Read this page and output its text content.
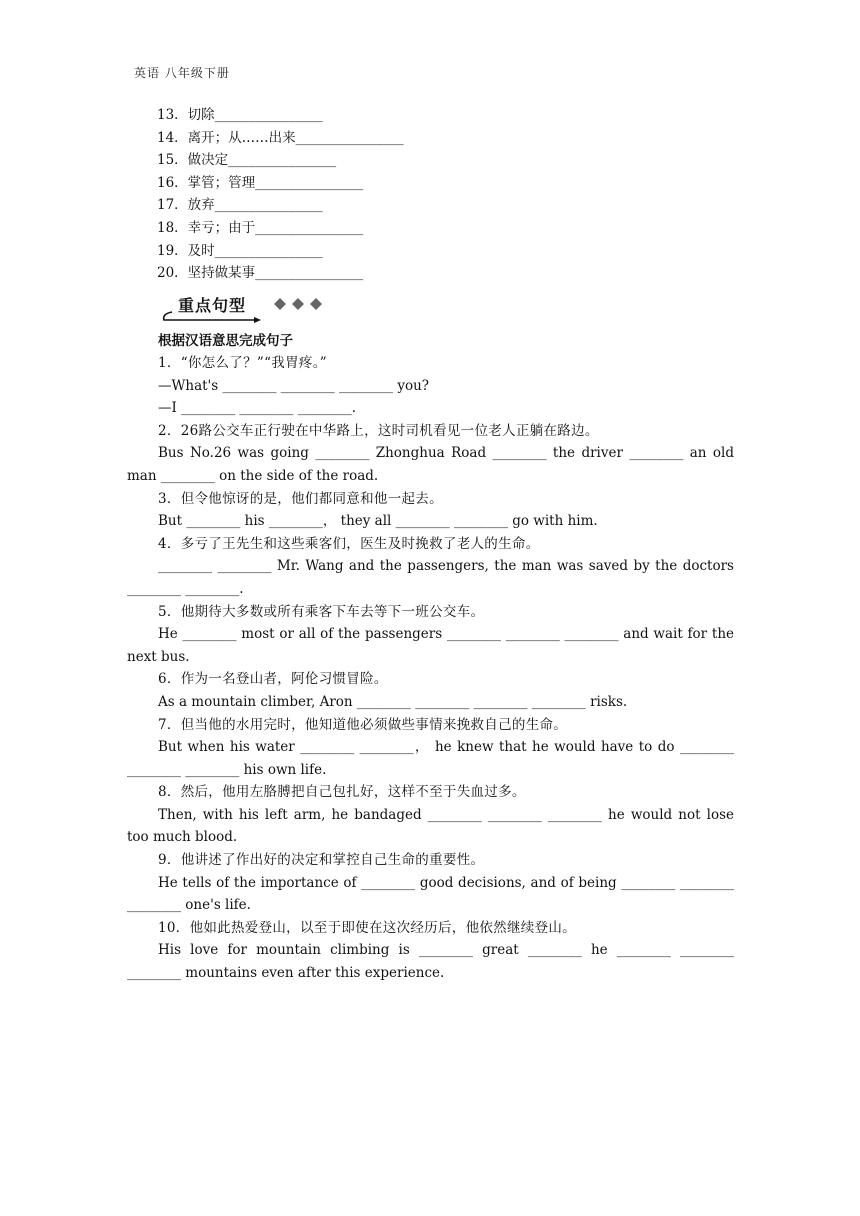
英语 八年级下册
13．切除________________
14．离开；从……出来________________
15．做决定________________
16．掌管；管理________________
17．放弃________________
18．幸亏；由于________________
19．及时________________
20．坚持做某事________________
重点句型
根据汉语意思完成句子

1．“你怎么了？”“我胃疼。”

—What's ________ ________ ________ you?

—I ________ ________ ________.

2．26路公交车正行驶在中华路上，这时司机看见一位老人正躺在路边。

Bus No.26 was going ________ Zhonghua Road ________ the driver ________ an old man ________ on the side of the road.

3．但令他惊讶的是，他们都同意和他一起去。

But ________ his ________， they all ________ ________ go with him.

4．多亏了王先生和这些乘客们，医生及时挽救了老人的生命。

________ ________ Mr. Wang and the passengers, the man was saved by the doctors ________ ________.

5．他期待大多数或所有乘客下车去等下一班公交车。

He ________ most or all of the passengers ________ ________ ________ and wait for the next bus.

6．作为一名登山者，阿伦习惯冒险。

As a mountain climber, Aron ________ ________ ________ ________ risks.

7．但当他的水用完时，他知道他必须做些事情来挽救自己的生命。

But when his water ________ ________， he knew that he would have to do ________ ________ ________ his own life.

8．然后，他用左胳膊把自己包扎好，这样不至于失血过多。

Then, with his left arm, he bandaged ________ ________ ________ he would not lose too much blood.

9．他讲述了作出好的决定和掌控自己生命的重要性。

He tells of the importance of ________ good decisions, and of being ________ ________ ________ one's life.

10．他如此热爱登山，以至于即使在这次经历后，他依然继续登山。

His love for mountain climbing is ________ great ________ he ________ ________ ________ mountains even after this experience.
